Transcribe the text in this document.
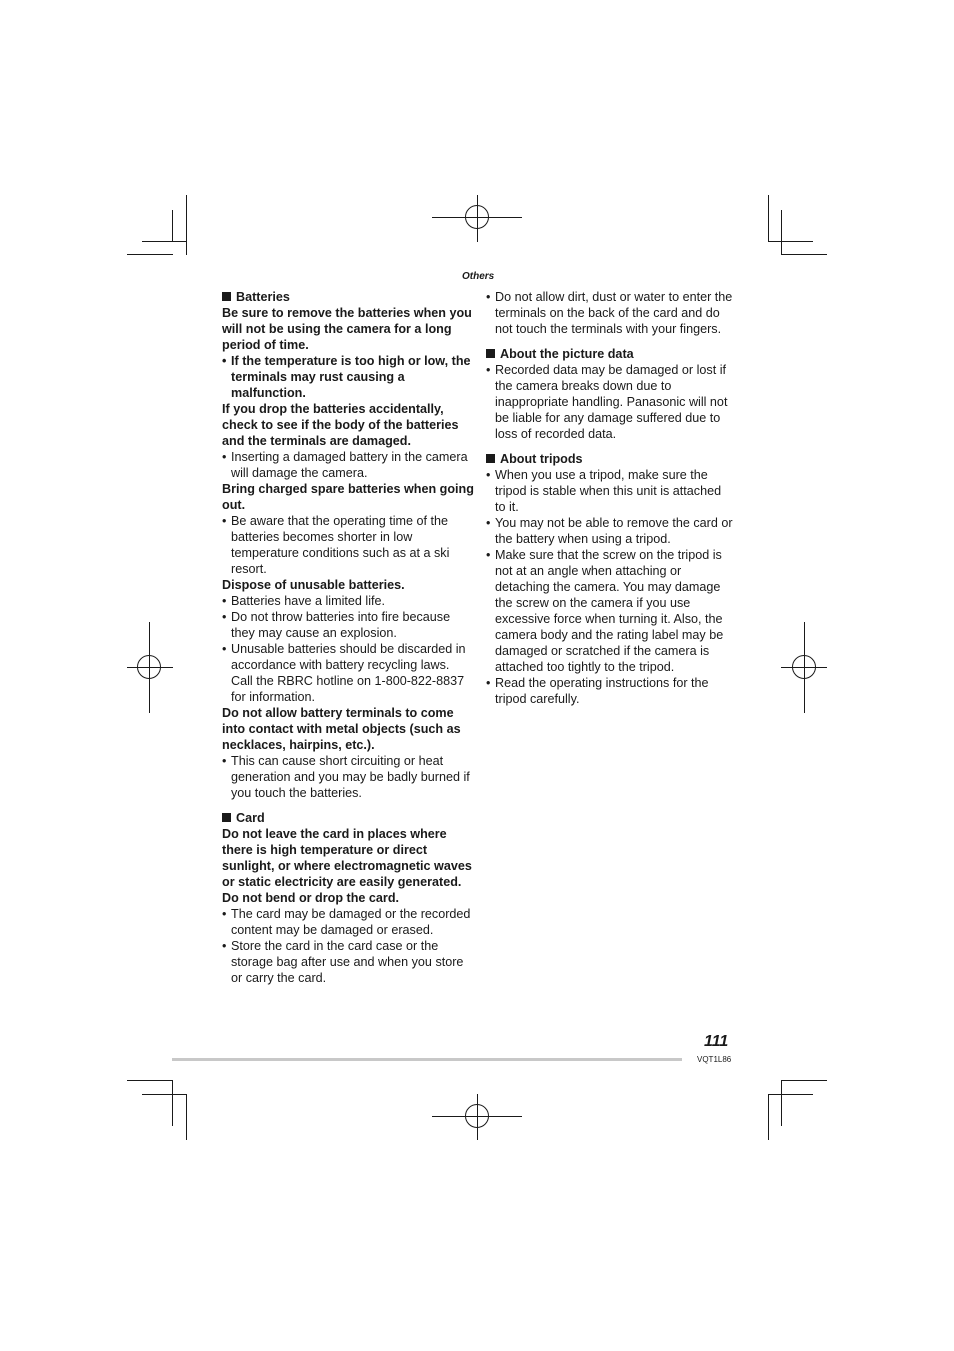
Others

Batteries

Be sure to remove the batteries when you will not be using the camera for a long period of time.

• If the temperature is too high or low, the terminals may rust causing a malfunction.

If you drop the batteries accidentally, check to see if the body of the batteries and the terminals are damaged.

• Inserting a damaged battery in the camera will damage the camera.

Bring charged spare batteries when going out.

• Be aware that the operating time of the batteries becomes shorter in low temperature conditions such as at a ski resort.

Dispose of unusable batteries.

• Batteries have a limited life.

• Do not throw batteries into fire because they may cause an explosion.

• Unusable batteries should be discarded in accordance with battery recycling laws. Call the RBRC hotline on 1-800-822-8837 for information.

Do not allow battery terminals to come into contact with metal objects (such as necklaces, hairpins, etc.).

• This can cause short circuiting or heat generation and you may be badly burned if you touch the batteries.

Card

Do not leave the card in places where there is high temperature or direct sunlight, or where electromagnetic waves or static electricity are easily generated.

Do not bend or drop the card.

• The card may be damaged or the recorded content may be damaged or erased.

• Store the card in the card case or the storage bag after use and when you store or carry the card.

• Do not allow dirt, dust or water to enter the terminals on the back of the card and do not touch the terminals with your fingers.

About the picture data

• Recorded data may be damaged or lost if the camera breaks down due to inappropriate handling. Panasonic will not be liable for any damage suffered due to loss of recorded data.

About tripods

• When you use a tripod, make sure the tripod is stable when this unit is attached to it.

• You may not be able to remove the card or the battery when using a tripod.

• Make sure that the screw on the tripod is not at an angle when attaching or detaching the camera. You may damage the screw on the camera if you use excessive force when turning it. Also, the camera body and the rating label may be damaged or scratched if the camera is attached too tightly to the tripod.

• Read the operating instructions for the tripod carefully.

111
VQT1L86
